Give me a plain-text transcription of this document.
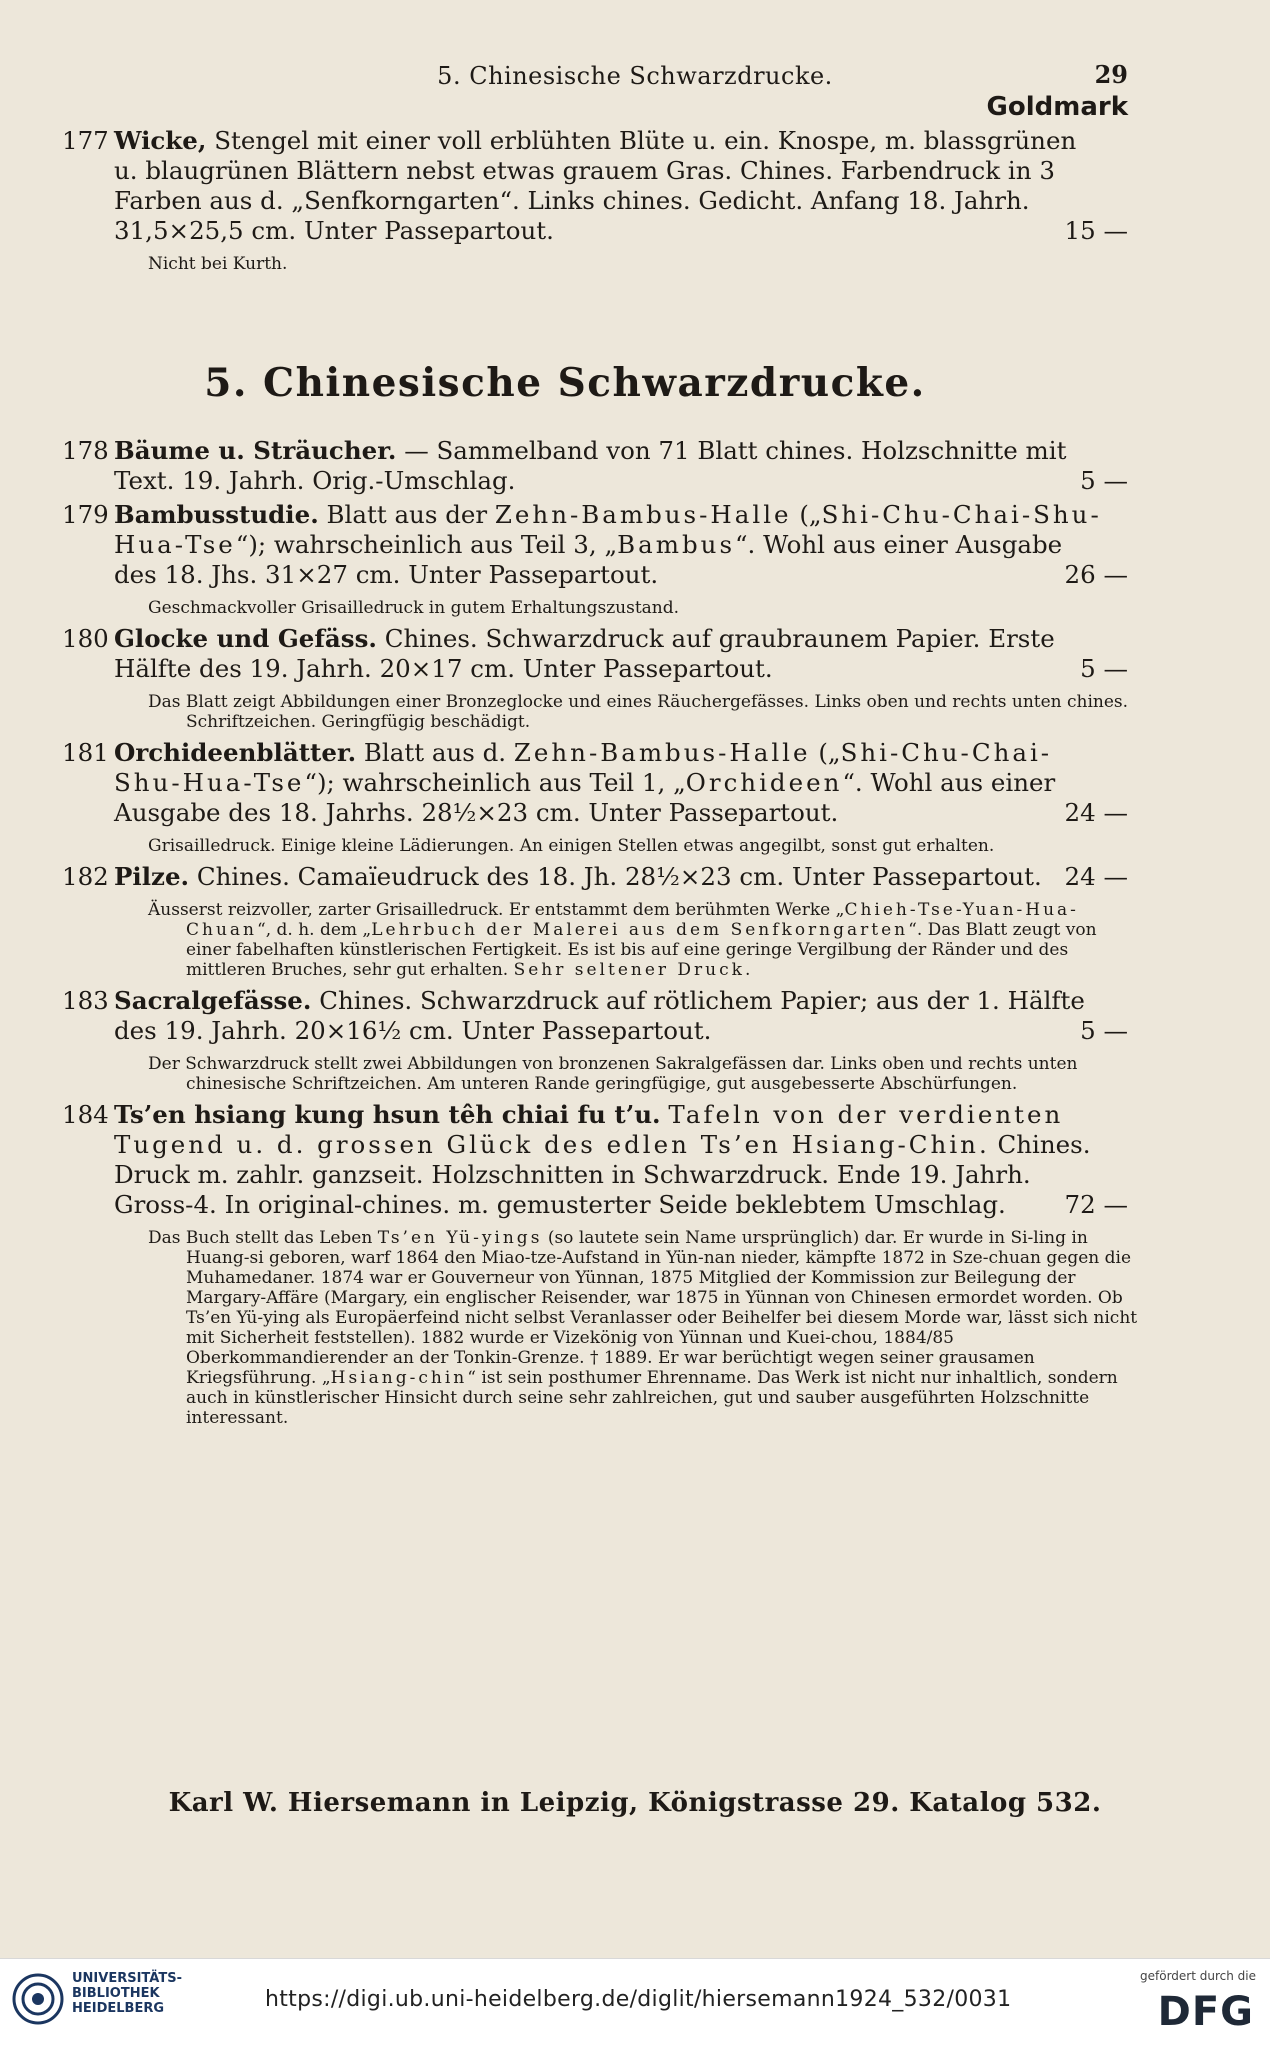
5. Chinesische Schwarzdrucke.	29
Goldmark
177 Wicke, Stengel mit einer voll erblühten Blüte u. ein. Knospe, m. blassgrünen u. blaugrünen Blättern nebst etwas grauem Gras. Chines. Farbendruck in 3 Farben aus d. „Senfkorngarten“. Links chines. Gedicht. Anfang 18. Jahrh. 31,5×25,5 cm. Unter Passepartout.	15 —
Nicht bei Kurth.
5. Chinesische Schwarzdrucke.
178 Bäume u. Sträucher. — Sammelband von 71 Blatt chines. Holzschnitte mit Text. 19. Jahrh. Orig.-Umschlag.	5 —
179 Bambusstudie. Blatt aus der Zehn-Bambus-Halle („Shi-Chu-Chai-Shu-Hua-Tse“); wahrscheinlich aus Teil 3, „Bambus“. Wohl aus einer Ausgabe des 18. Jhs. 31×27 cm. Unter Passepartout.	26 —
Geschmackvoller Grisailledruck in gutem Erhaltungszustand.
180 Glocke und Gefäss. Chines. Schwarzdruck auf graubraunem Papier. Erste Hälfte des 19. Jahrh. 20×17 cm. Unter Passepartout.	5 —
Das Blatt zeigt Abbildungen einer Bronzeglocke und eines Räuchergefässes. Links oben und rechts unten chines. Schriftzeichen. Geringfügig beschädigt.
181 Orchideenblätter. Blatt aus d. Zehn-Bambus-Halle („Shi-Chu-Chai-Shu-Hua-Tse“); wahrscheinlich aus Teil 1, „Orchideen“. Wohl aus einer Ausgabe des 18. Jahrhs. 28½×23 cm. Unter Passepartout.	24 —
Grisailledruck. Einige kleine Lädierungen. An einigen Stellen etwas angegilbt, sonst gut erhalten.
182 Pilze. Chines. Camaïeudruck des 18. Jh. 28½×23 cm. Unter Passepartout. 24 —
Äusserst reizvoller, zarter Grisailledruck. Er entstammt dem berühmten Werke „Chieh-Tse-Yuan-Hua-Chuan“, d. h. dem „Lehrbuch der Malerei aus dem Senfkorngarten“. Das Blatt zeugt von einer fabelhaften künstlerischen Fertigkeit. Es ist bis auf eine geringe Vergilbung der Ränder und des mittleren Bruches, sehr gut erhalten. Sehr seltener Druck.
183 Sacralgefässe. Chines. Schwarzdruck auf rötlichem Papier; aus der 1. Hälfte des 19. Jahrh. 20×16½ cm. Unter Passepartout.	5 —
Der Schwarzdruck stellt zwei Abbildungen von bronzenen Sakralgefässen dar. Links oben und rechts unten chinesische Schriftzeichen. Am unteren Rande geringfügige, gut ausgebesserte Abschürfungen.
184 Ts’en hsiang kung hsun têh chiai fu t’u. Tafeln von der verdienten Tugend u. d. grossen Glück des edlen Ts’en Hsiang-Chin. Chines. Druck m. zahlr. ganzseit. Holzschnitten in Schwarzdruck. Ende 19. Jahrh. Gross-4. In original-chines. m. gemusterter Seide beklebtem Umschlag.	72 —
Das Buch stellt das Leben Ts’en Yü-yings (so lautete sein Name ursprünglich) dar. Er wurde in Si-ling in Huang-si geboren, warf 1864 den Miao-tze-Aufstand in Yün-nan nieder, kämpfte 1872 in Sze-chuan gegen die Muhamedaner. 1874 war er Gouverneur von Yünnan, 1875 Mitglied der Kommission zur Beilegung der Margary-Affäre (Margary, ein englischer Reisender, war 1875 in Yünnan von Chinesen ermordet worden. Ob Ts’en Yü-ying als Europäerfeind nicht selbst Veranlasser oder Beihelfer bei diesem Morde war, lässt sich nicht mit Sicherheit feststellen). 1882 wurde er Vizekönig von Yünnan und Kuei-chou, 1884/85 Oberkommandierender an der Tonkin-Grenze. † 1889. Er war berüchtigt wegen seiner grausamen Kriegsführung. „Hsiang-chin“ ist sein posthumer Ehrenname. Das Werk ist nicht nur inhaltlich, sondern auch in künstlerischer Hinsicht durch seine sehr zahlreichen, gut und sauber ausgeführten Holzschnitte interessant.
Karl W. Hiersemann in Leipzig, Königstrasse 29. Katalog 532.
UNIVERSITÄTS-
BIBLIOTHEK
HEIDELBERG	https://digi.ub.uni-heidelberg.de/diglit/hiersemann1924_532/0031
gefördert durch die
DFG
